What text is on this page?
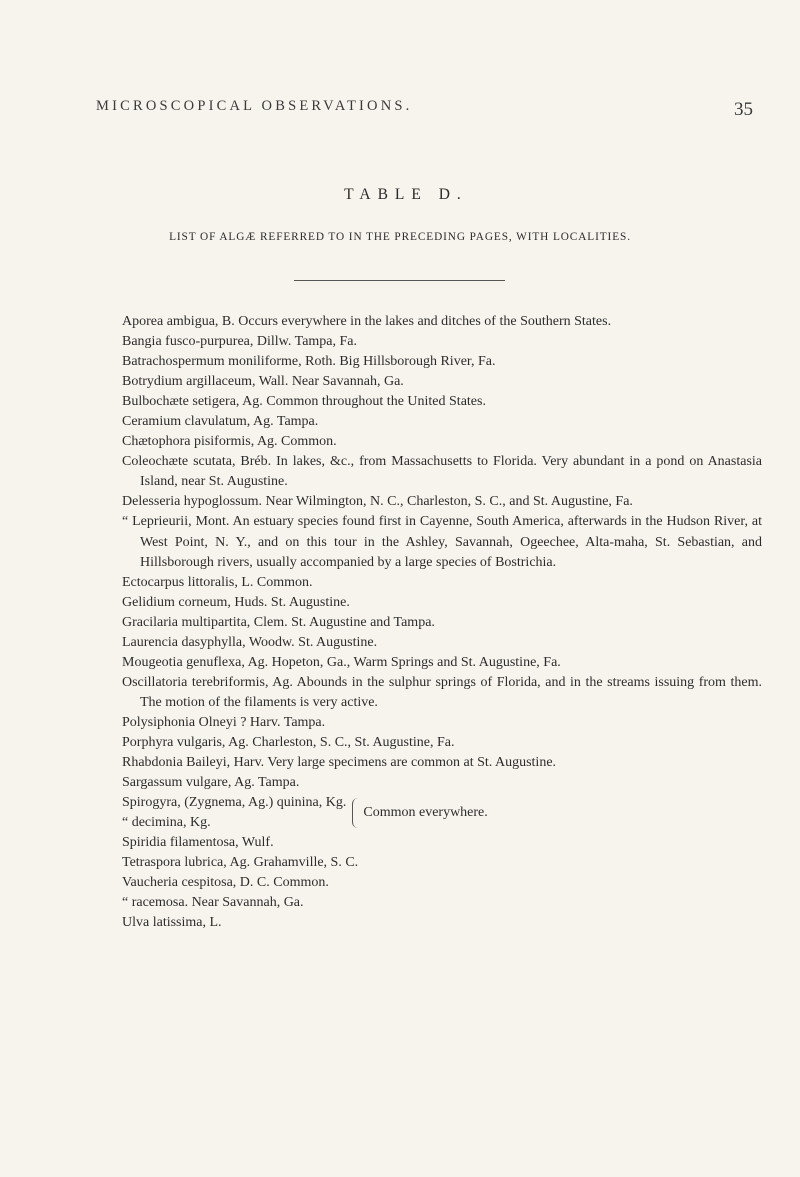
MICROSCOPICAL OBSERVATIONS.	35
TABLE D.
LIST OF ALGÆ REFERRED TO IN THE PRECEDING PAGES, WITH LOCALITIES.

Aporea ambigua, B. Occurs everywhere in the lakes and ditches of the Southern States.

Bangia fusco-purpurea, Dillw. Tampa, Fa.

Batrachospermum moniliforme, Roth. Big Hillsborough River, Fa.

Botrydium argillaceum, Wall. Near Savannah, Ga.

Bulbochæte setigera, Ag. Common throughout the United States.

Ceramium clavulatum, Ag. Tampa.

Chætophora pisiformis, Ag. Common.

Coleochæte scutata, Bréb. In lakes, &c., from Massachusetts to Florida. Very abundant in a pond on Anastasia Island, near St. Augustine.

Delesseria hypoglossum. Near Wilmington, N. C., Charleston, S. C., and St. Augustine, Fa.

“ Leprieurii, Mont. An estuary species found first in Cayenne, South America, afterwards in the Hudson River, at West Point, N. Y., and on this tour in the Ashley, Savannah, Ogeechee, Alta-maha, St. Sebastian, and Hillsborough rivers, usually accompanied by a large species of Bostrichia.

Ectocarpus littoralis, L. Common.

Gelidium corneum, Huds. St. Augustine.

Gracilaria multipartita, Clem. St. Augustine and Tampa.

Laurencia dasyphylla, Woodw. St. Augustine.

Mougeotia genuflexa, Ag. Hopeton, Ga., Warm Springs and St. Augustine, Fa.

Oscillatoria terebriformis, Ag. Abounds in the sulphur springs of Florida, and in the streams issuing from them. The motion of the filaments is very active.

Polysiphonia Olneyi ? Harv. Tampa.

Porphyra vulgaris, Ag. Charleston, S. C., St. Augustine, Fa.

Rhabdonia Baileyi, Harv. Very large specimens are common at St. Augustine.

Sargassum vulgare, Ag. Tampa.

Spirogyra, (Zygnema, Ag.) quinina, Kg.

“ decimina, Kg.

Common everywhere.

Spiridia filamentosa, Wulf.

Tetraspora lubrica, Ag. Grahamville, S. C.

Vaucheria cespitosa, D. C. Common.

“ racemosa. Near Savannah, Ga.

Ulva latissima, L.
